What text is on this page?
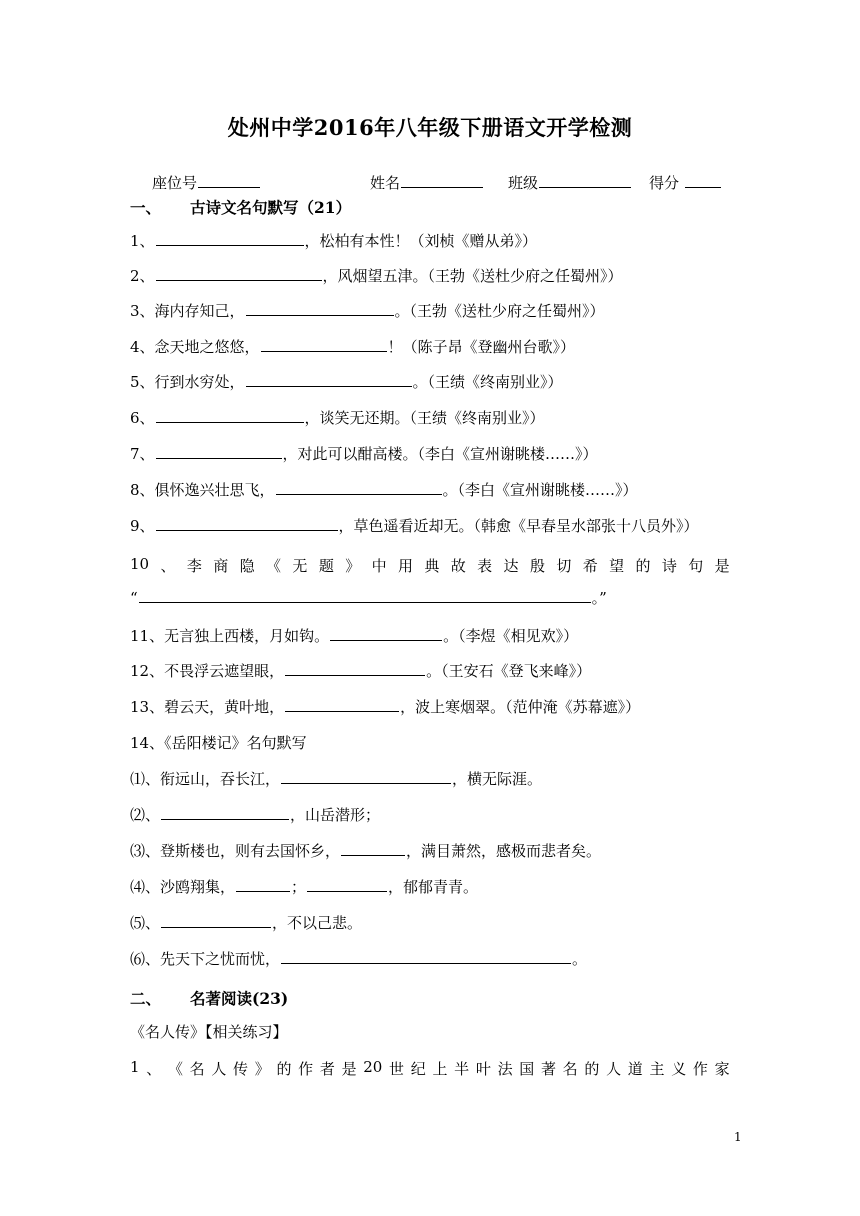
处州中学2016年八年级下册语文开学检测
座位号	姓名	班级	得分
一、 古诗文名句默写（21）
1、	，松柏有本性！（刘桢《赠从弟》）
2、	，风烟望五津。（王勃《送杜少府之任蜀州》）
3、海内存知己，	。（王勃《送杜少府之任蜀州》）
4、念天地之悠悠，	！（陈子昂《登幽州台歌》）
5、行到水穷处，	。（王绩《终南别业》）
6、	，谈笑无还期。（王绩《终南别业》）
7、	，对此可以酣高楼。（李白《宣州谢眺楼……》）
8、俱怀逸兴壮思飞，	。（李白《宣州谢眺楼……》）
9、	，草色遥看近却无。（韩愈《早春呈水部张十八员外》）
10 、 李 商 隐 《 无 题 》 中 用 典 故 表 达 殷 切 希 望 的 诗 句 是
“	。”
11、无言独上西楼，月如钩。	。（李煜《相见欢》）
12、不畏浮云遮望眼，	。（王安石《登飞来峰》）
13、碧云天，黄叶地，	，波上寒烟翠。（范仲淹《苏幕遮》）
14、《岳阳楼记》名句默写
⑴、衔远山，吞长江，	，横无际涯。
⑵、	，山岳潜形；
⑶、登斯楼也，则有去国怀乡，	，满目萧然，感极而悲者矣。
⑷、沙鸥翔集，	；	，郁郁青青。
⑸、	，不以己悲。
⑹、先天下之忧而忧，	。
二、 名著阅读(23)
《名人传》【相关练习】
1 、 《 名 人 传 》 的 作 者 是 20 世 纪 上 半 叶 法 国 著 名 的 人 道 主 义 作 家
1
